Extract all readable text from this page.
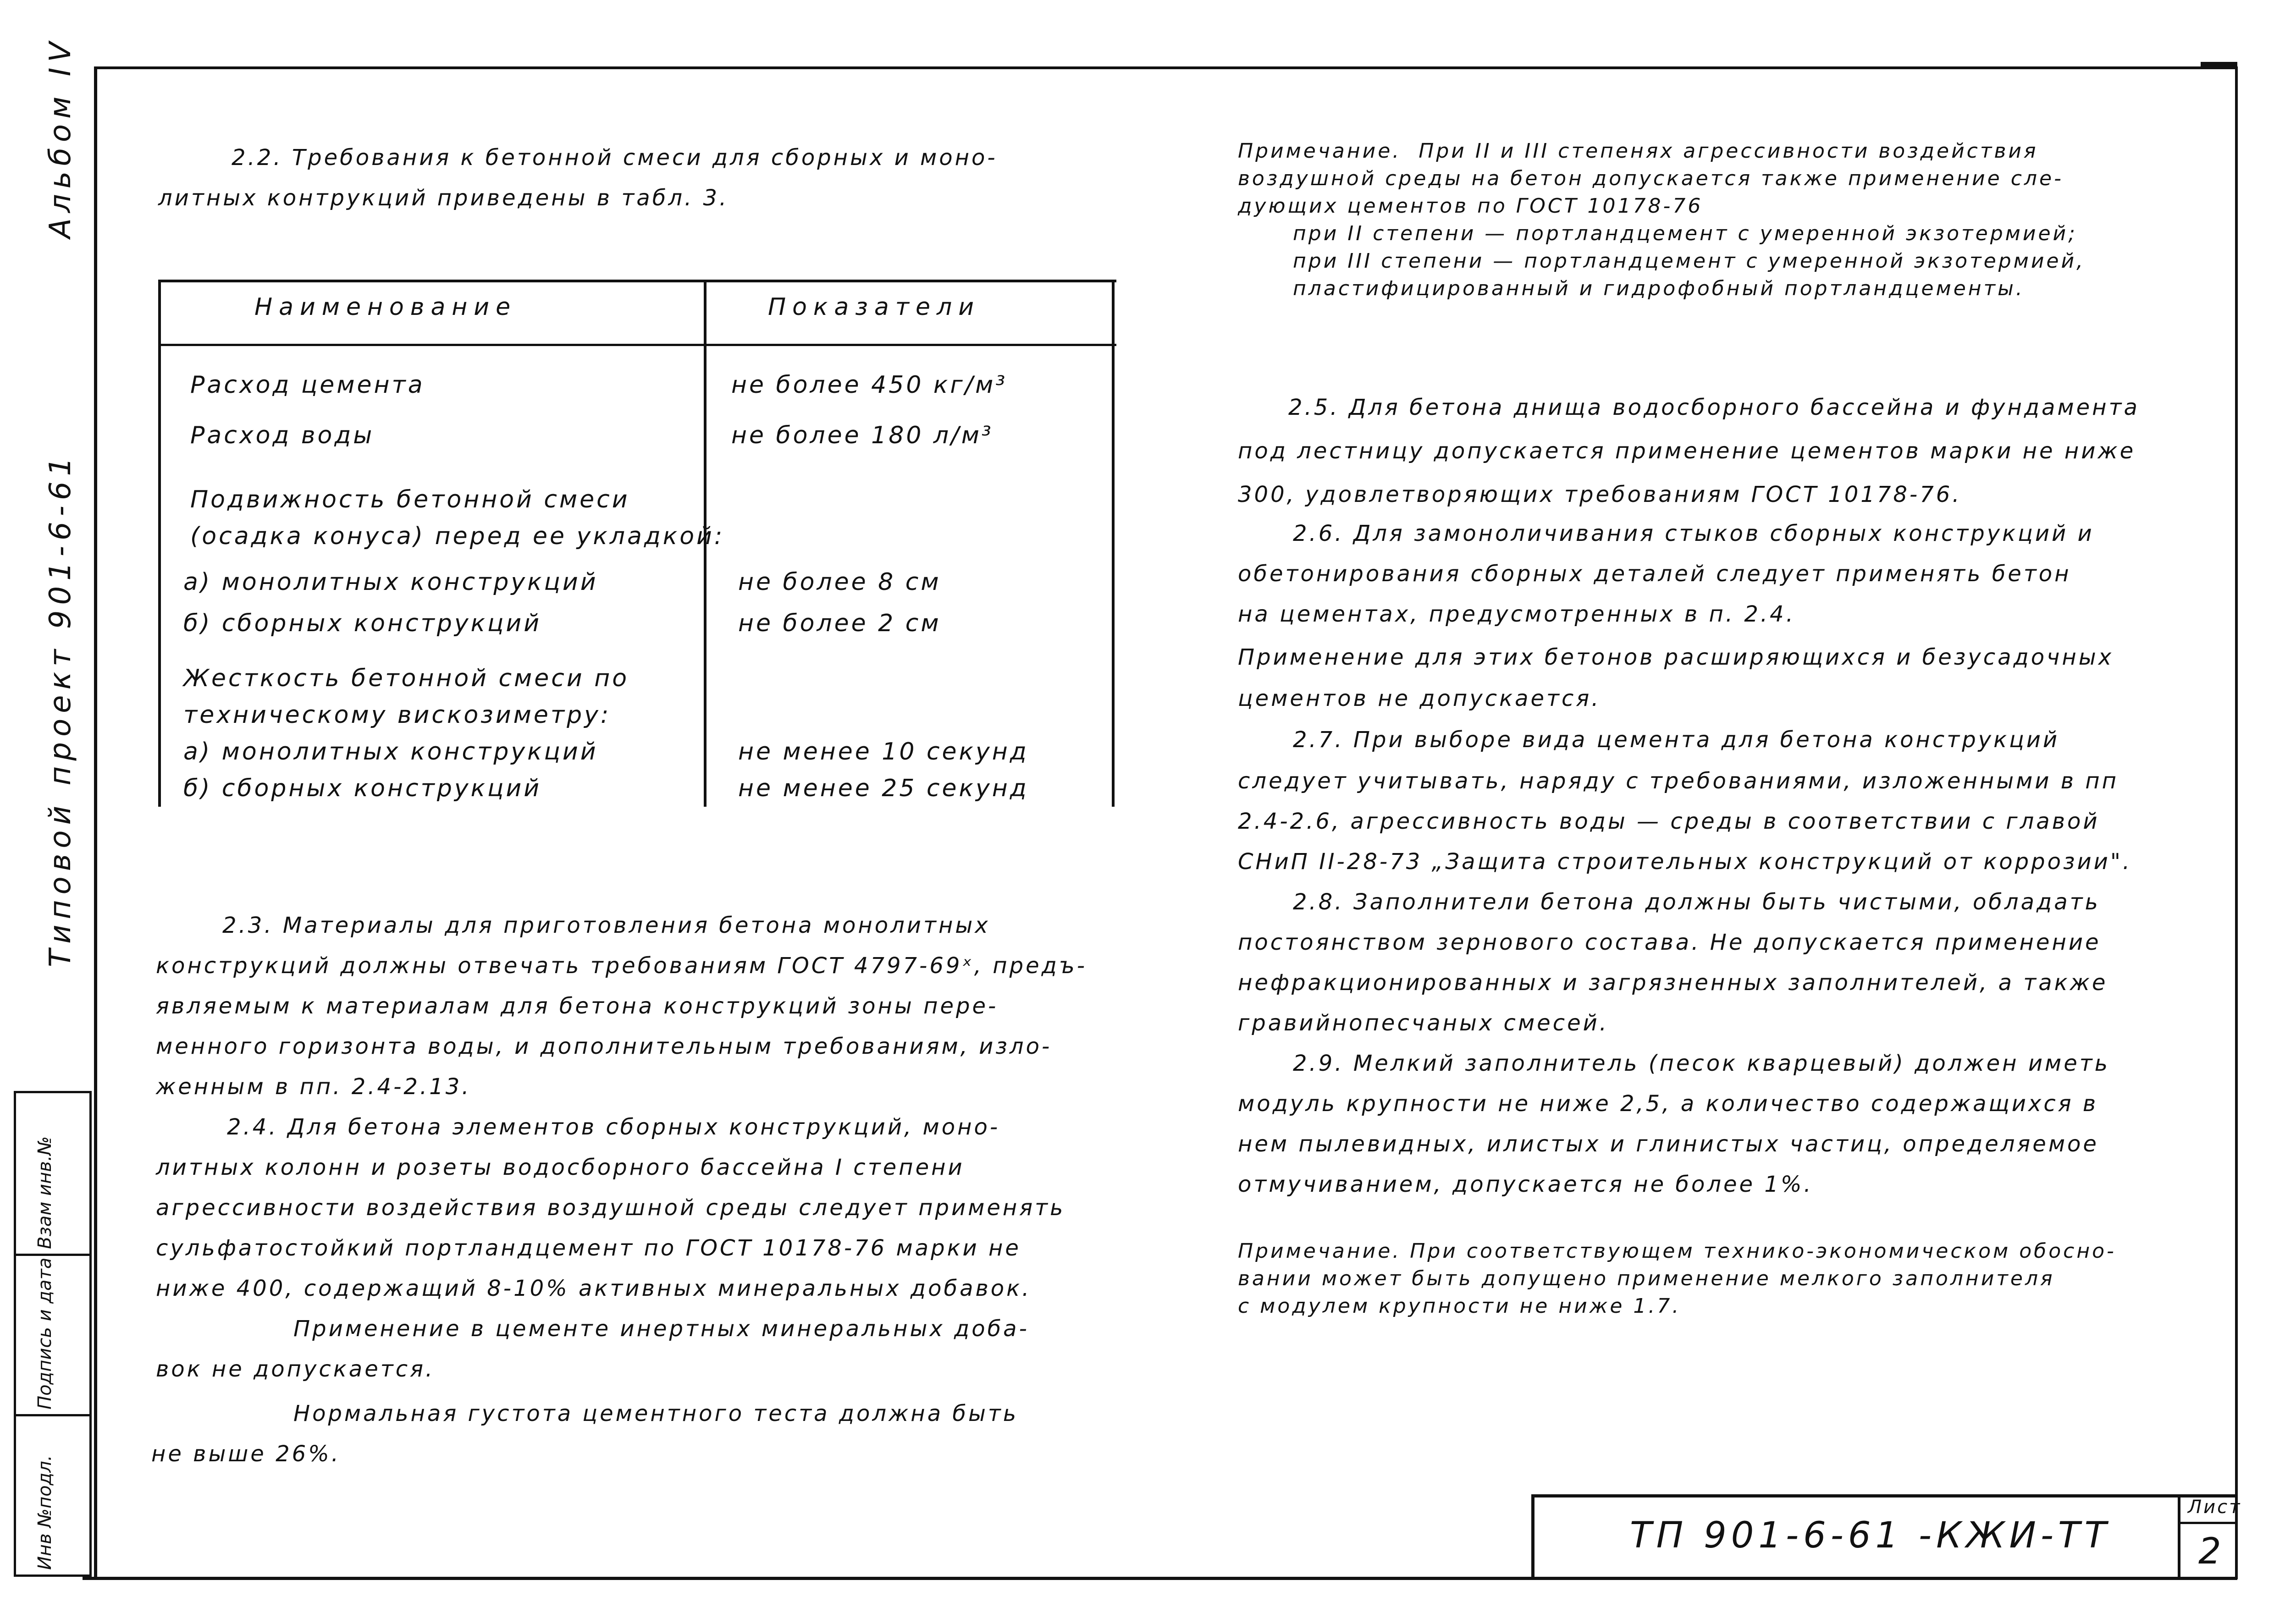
Альбом IV
Типовой проект 901-6-61
Инв №подл.
Подпись и дата
Взам инв.№
2.2. Требования к бетонной смеси для сборных и моно-
литных контрукций приведены в табл. 3.
Наименование	Показатели
Расход цемента	не более 450 кг/м³
Расход воды	не более 180 л/м³
Подвижность бетонной смеси
(осадка конуса) перед ее укладкой:
а) монолитных конструкций	не более 8 см
б) сборных конструкций	не более 2 см
Жесткость бетонной смеси по
техническому вискозиметру:
а) монолитных конструкций	не менее 10 секунд
б) сборных конструкций	не менее 25 секунд
2.3. Материалы для приготовления бетона монолитных
конструкций должны отвечать требованиям ГОСТ 4797-69ˣ, предъ-
являемым к материалам для бетона конструкций зоны пере-
менного горизонта воды, и дополнительным требованиям, изло-
женным в пп. 2.4-2.13.
2.4. Для бетона элементов сборных конструкций, моно-
литных колонн и розеты водосборного бассейна I степени
агрессивности воздействия воздушной среды следует применять
сульфатостойкий портландцемент по ГОСТ 10178-76 марки не
ниже 400, содержащий 8-10% активных минеральных добавок.
Применение в цементе инертных минеральных доба-
вок не допускается.
Нормальная густота цементного теста должна быть
не выше 26%.
Примечание.  При II и III степенях агрессивности воздействия
воздушной среды на бетон допускается также применение сле-
дующих цементов по ГОСТ 10178-76
при II степени — портландцемент с умеренной экзотермией;
при III степени — портландцемент с умеренной экзотермией,
пластифицированный и гидрофобный портландцементы.
2.5. Для бетона днища водосборного бассейна и фундамента
под лестницу допускается применение цементов марки не ниже
300, удовлетворяющих требованиям ГОСТ 10178-76.
2.6. Для замоноличивания стыков сборных конструкций и
обетонирования сборных деталей следует применять бетон
на цементах, предусмотренных в п. 2.4.
Применение для этих бетонов расширяющихся и безусадочных
цементов не допускается.
2.7. При выборе вида цемента для бетона конструкций
следует учитывать, наряду с требованиями, изложенными в пп
2.4-2.6, агрессивность воды — среды в соответствии с главой
СНиП II-28-73 „Защита строительных конструкций от коррозии".
2.8. Заполнители бетона должны быть чистыми, обладать
постоянством зернового состава. Не допускается применение
нефракционированных и загрязненных заполнителей, а также
гравийнопесчаных смесей.
2.9. Мелкий заполнитель (песок кварцевый) должен иметь
модуль крупности не ниже 2,5, а количество содержащихся в
нем пылевидных, илистых и глинистых частиц, определяемое
отмучиванием, допускается не более 1%.
Примечание. При соответствующем технико-экономическом обосно-
вании может быть допущено применение мелкого заполнителя
с модулем крупности не ниже 1.7.
ТП 901-6-61 -КЖИ-ТТ
Лист
2
